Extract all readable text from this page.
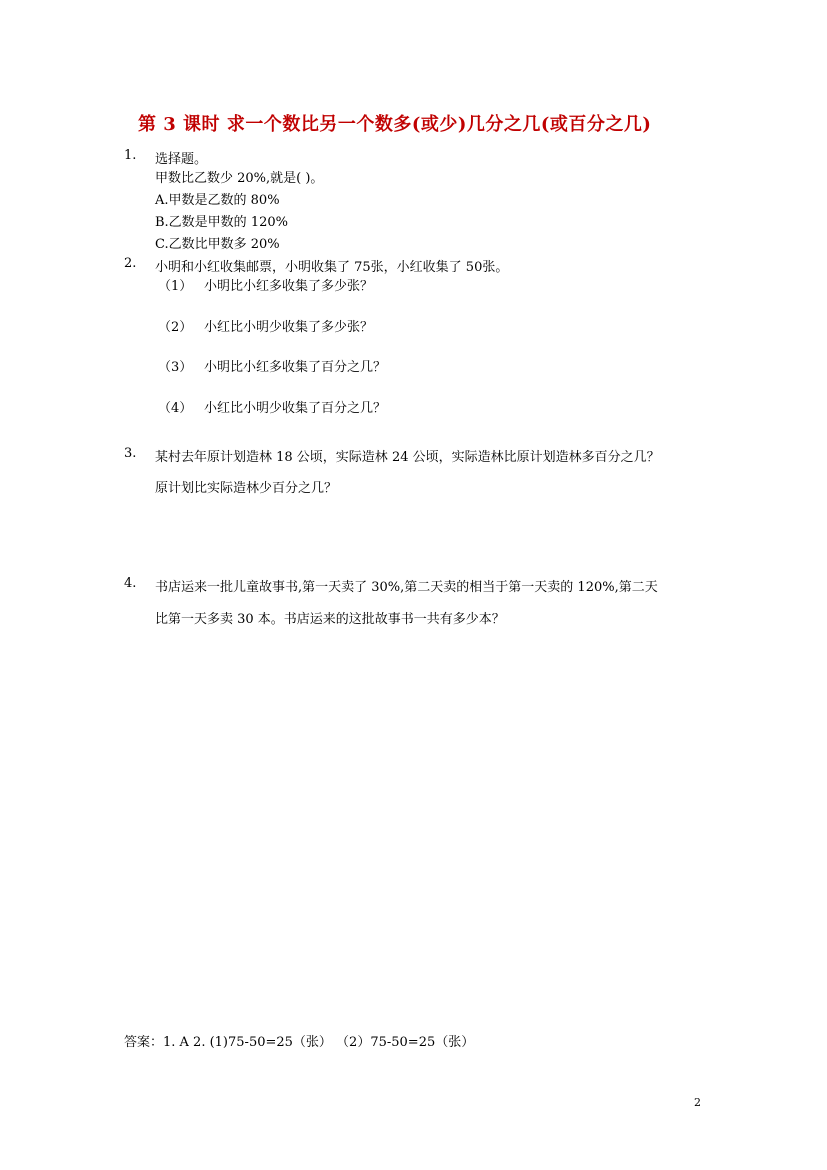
第 3 课时 求一个数比另一个数多(或少)几分之几(或百分之几)
1. 选择题。
甲数比乙数少 20%,就是( )。
A.甲数是乙数的 80%
B.乙数是甲数的 120%
C.乙数比甲数多 20%
2. 小明和小红收集邮票，小明收集了 75张，小红收集了 50张。
（1） 小明比小红多收集了多少张？
（2） 小红比小明少收集了多少张？
（3） 小明比小红多收集了百分之几？
（4） 小红比小明少收集了百分之几？
3. 某村去年原计划造林 18 公顷，实际造林 24 公顷，实际造林比原计划造林多百分之几？
原计划比实际造林少百分之几？
4. 书店运来一批儿童故事书,第一天卖了 30%,第二天卖的相当于第一天卖的 120%,第二天
比第一天多卖 30 本。书店运来的这批故事书一共有多少本？
答案：1. A 2. (1)75-50=25（张） （2）75-50=25（张）
2
